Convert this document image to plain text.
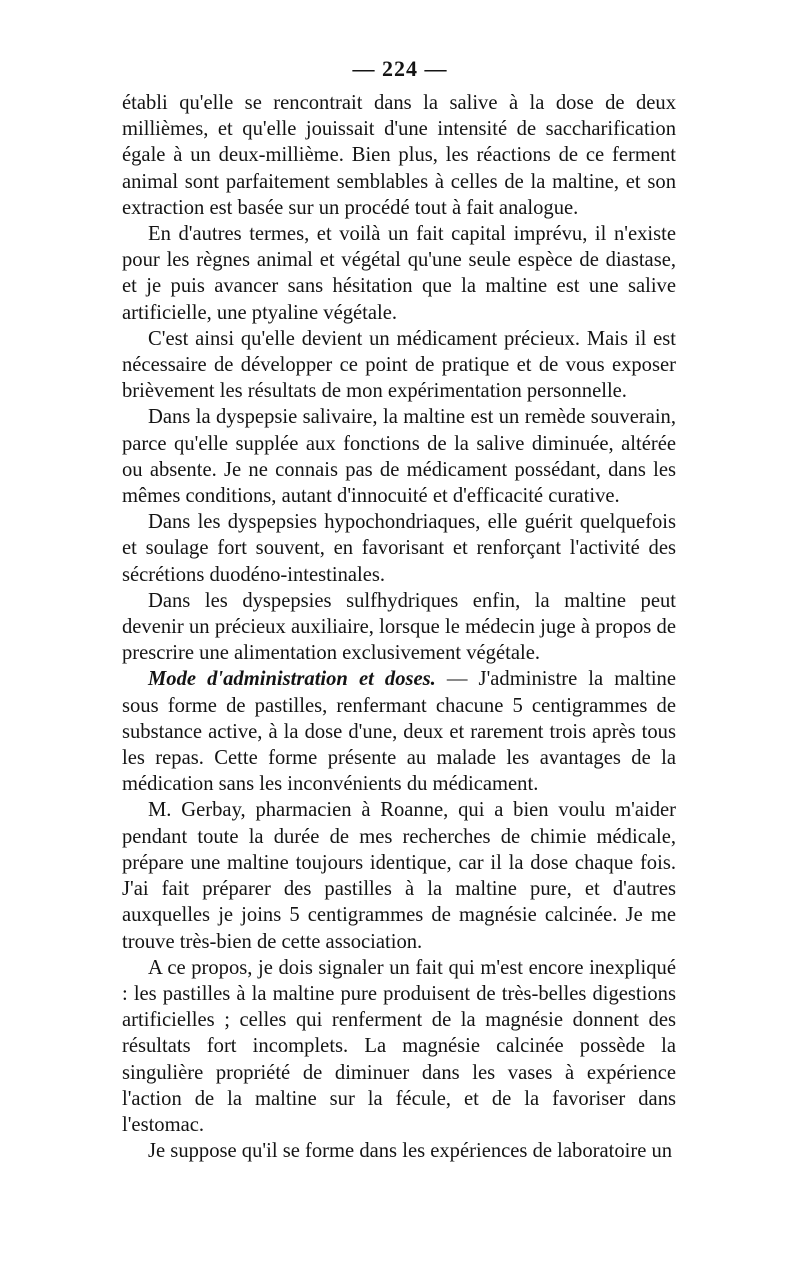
— 224 —

établi qu'elle se rencontrait dans la salive à la dose de deux millièmes, et qu'elle jouissait d'une intensité de saccharification égale à un deux-millième. Bien plus, les réactions de ce ferment animal sont parfaitement semblables à celles de la maltine, et son extraction est basée sur un procédé tout à fait analogue.

En d'autres termes, et voilà un fait capital imprévu, il n'existe pour les règnes animal et végétal qu'une seule espèce de diastase, et je puis avancer sans hésitation que la maltine est une salive artificielle, une ptyaline végétale.

C'est ainsi qu'elle devient un médicament précieux. Mais il est nécessaire de développer ce point de pratique et de vous exposer brièvement les résultats de mon expérimentation personnelle.

Dans la dyspepsie salivaire, la maltine est un remède souverain, parce qu'elle supplée aux fonctions de la salive diminuée, altérée ou absente. Je ne connais pas de médicament possédant, dans les mêmes conditions, autant d'innocuité et d'efficacité curative.

Dans les dyspepsies hypochondriaques, elle guérit quelquefois et soulage fort souvent, en favorisant et renforçant l'activité des sécrétions duodéno-intestinales.

Dans les dyspepsies sulfhydriques enfin, la maltine peut devenir un précieux auxiliaire, lorsque le médecin juge à propos de prescrire une alimentation exclusivement végétale.

Mode d'administration et doses. — J'administre la maltine sous forme de pastilles, renfermant chacune 5 centigrammes de substance active, à la dose d'une, deux et rarement trois après tous les repas. Cette forme présente au malade les avantages de la médication sans les inconvénients du médicament.

M. Gerbay, pharmacien à Roanne, qui a bien voulu m'aider pendant toute la durée de mes recherches de chimie médicale, prépare une maltine toujours identique, car il la dose chaque fois. J'ai fait préparer des pastilles à la maltine pure, et d'autres auxquelles je joins 5 centigrammes de magnésie calcinée. Je me trouve très-bien de cette association.

A ce propos, je dois signaler un fait qui m'est encore inexpliqué : les pastilles à la maltine pure produisent de très-belles digestions artificielles ; celles qui renferment de la magnésie donnent des résultats fort incomplets. La magnésie calcinée possède la singulière propriété de diminuer dans les vases à expérience l'action de la maltine sur la fécule, et de la favoriser dans l'estomac.

Je suppose qu'il se forme dans les expériences de laboratoire un
